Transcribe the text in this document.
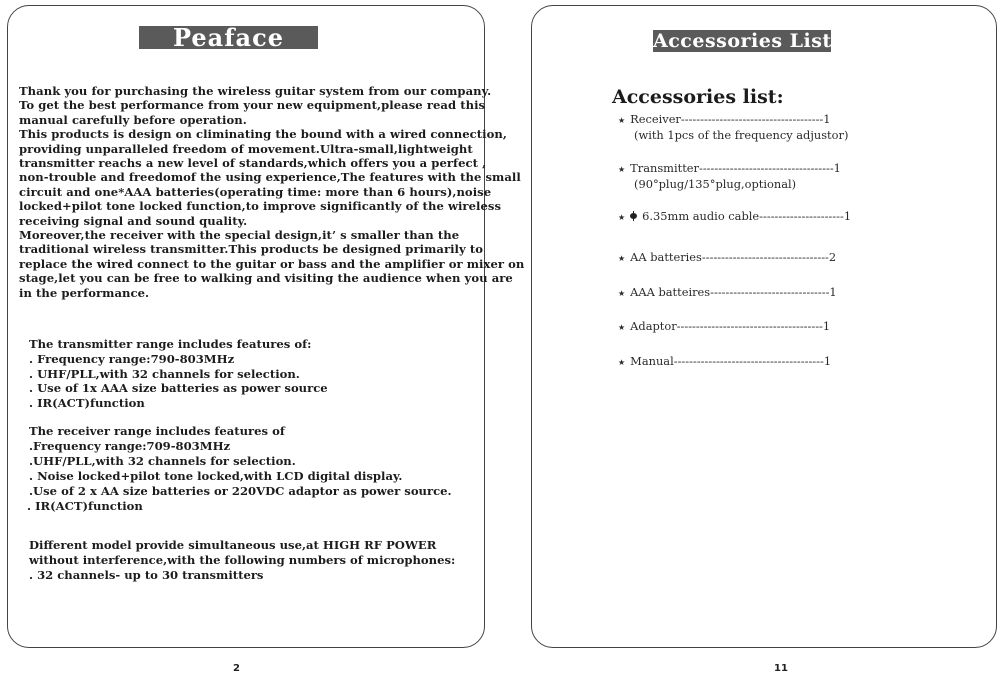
Peaface

Thank you for purchasing the wireless guitar system from our company.

To get the best performance from your new equipment,please read this

manual carefully before operation.

This products is design on climinating the bound with a wired connection,

providing unparalleled freedom of movement.Ultra-small,lightweight

transmitter reachs a new level of standards,which offers you a perfect ,

non-trouble and freedomof the using experience,The features with the small

circuit and one*AAA batteries(operating time: more than 6 hours),noise

locked+pilot tone locked function,to improve significantly of the wireless

receiving signal and sound quality.

Moreover,the receiver with the special design,it’ s smaller than the

traditional wireless transmitter.This products be designed primarily to

replace the wired connect to the guitar or bass and the amplifier or mixer on

stage,let you can be free to walking and visiting the audience when you are

in the performance.

The transmitter range includes features of:

. Frequency range:790-803MHz

. UHF/PLL,with 32 channels for selection.

. Use of 1x AAA size batteries as power source

. IR(ACT)function

The receiver range includes features of

.Frequency range:709-803MHz

.UHF/PLL,with 32 channels for selection.

. Noise locked+pilot tone locked,with LCD digital display.

.Use of 2 x AA size batteries or 220VDC adaptor as power source.

. IR(ACT)function

Different model provide simultaneous use,at HIGH RF POWER

without interference,with the following numbers of microphones:

. 32 channels- up to 30 transmitters

2
Accessories List
Accessories list:
★ Receiver-------------------------------------1
(with 1pcs of the frequency adjustor)
★ Transmitter-----------------------------------1
(90°plug/135°plug,optional)
★ 6.35mm audio cable----------------------1
★ AA batteries---------------------------------2
★ AAA batteires-------------------------------1
★ Adaptor--------------------------------------1
★ Manual---------------------------------------1
11
